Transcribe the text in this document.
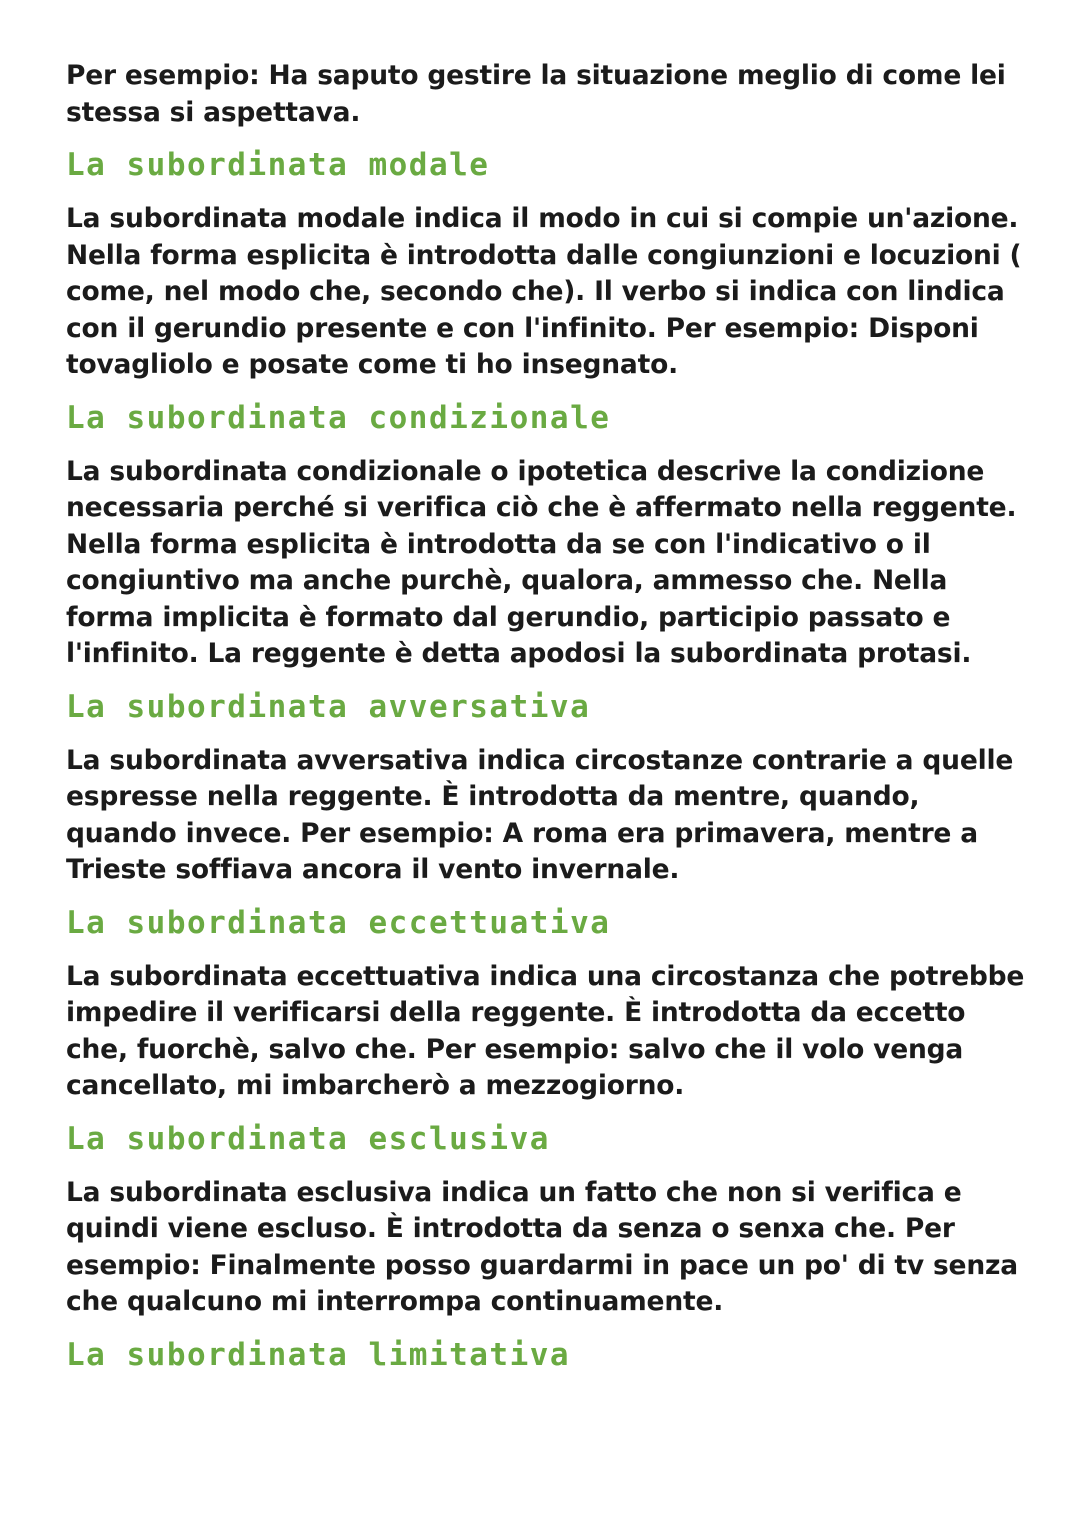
Per esempio: Ha saputo gestire la situazione meglio di come lei stessa si aspettava.

La subordinata modale

La subordinata modale indica il modo in cui si compie un'azione. Nella forma esplicita è introdotta dalle congiunzioni e locuzioni ( come, nel modo che, secondo che). Il verbo si indica con lindica con il gerundio presente e con l'infinito. Per esempio: Disponi tovagliolo e posate come ti ho insegnato.

La subordinata condizionale

La subordinata condizionale o ipotetica descrive la condizione necessaria perché si verifica ciò che è affermato nella reggente. Nella forma esplicita è introdotta da se con l'indicativo o il congiuntivo ma anche purchè, qualora, ammesso che. Nella forma implicita è formato dal gerundio, participio passato e l'infinito. La reggente è detta apodosi la subordinata protasi.

La subordinata avversativa

La subordinata avversativa indica circostanze contrarie a quelle espresse nella reggente. È introdotta da mentre, quando, quando invece. Per esempio: A roma era primavera, mentre a Trieste soffiava ancora il vento invernale.

La subordinata eccettuativa

La subordinata eccettuativa indica una circostanza che potrebbe impedire il verificarsi della reggente. È introdotta da eccetto che, fuorchè, salvo che. Per esempio: salvo che il volo venga cancellato, mi imbarcherò a mezzogiorno.

La subordinata esclusiva

La subordinata esclusiva indica un fatto che non si verifica e quindi viene escluso. È introdotta da senza o senxa che. Per esempio: Finalmente posso guardarmi in pace un po' di tv senza che qualcuno mi interrompa continuamente.

La subordinata limitativa
